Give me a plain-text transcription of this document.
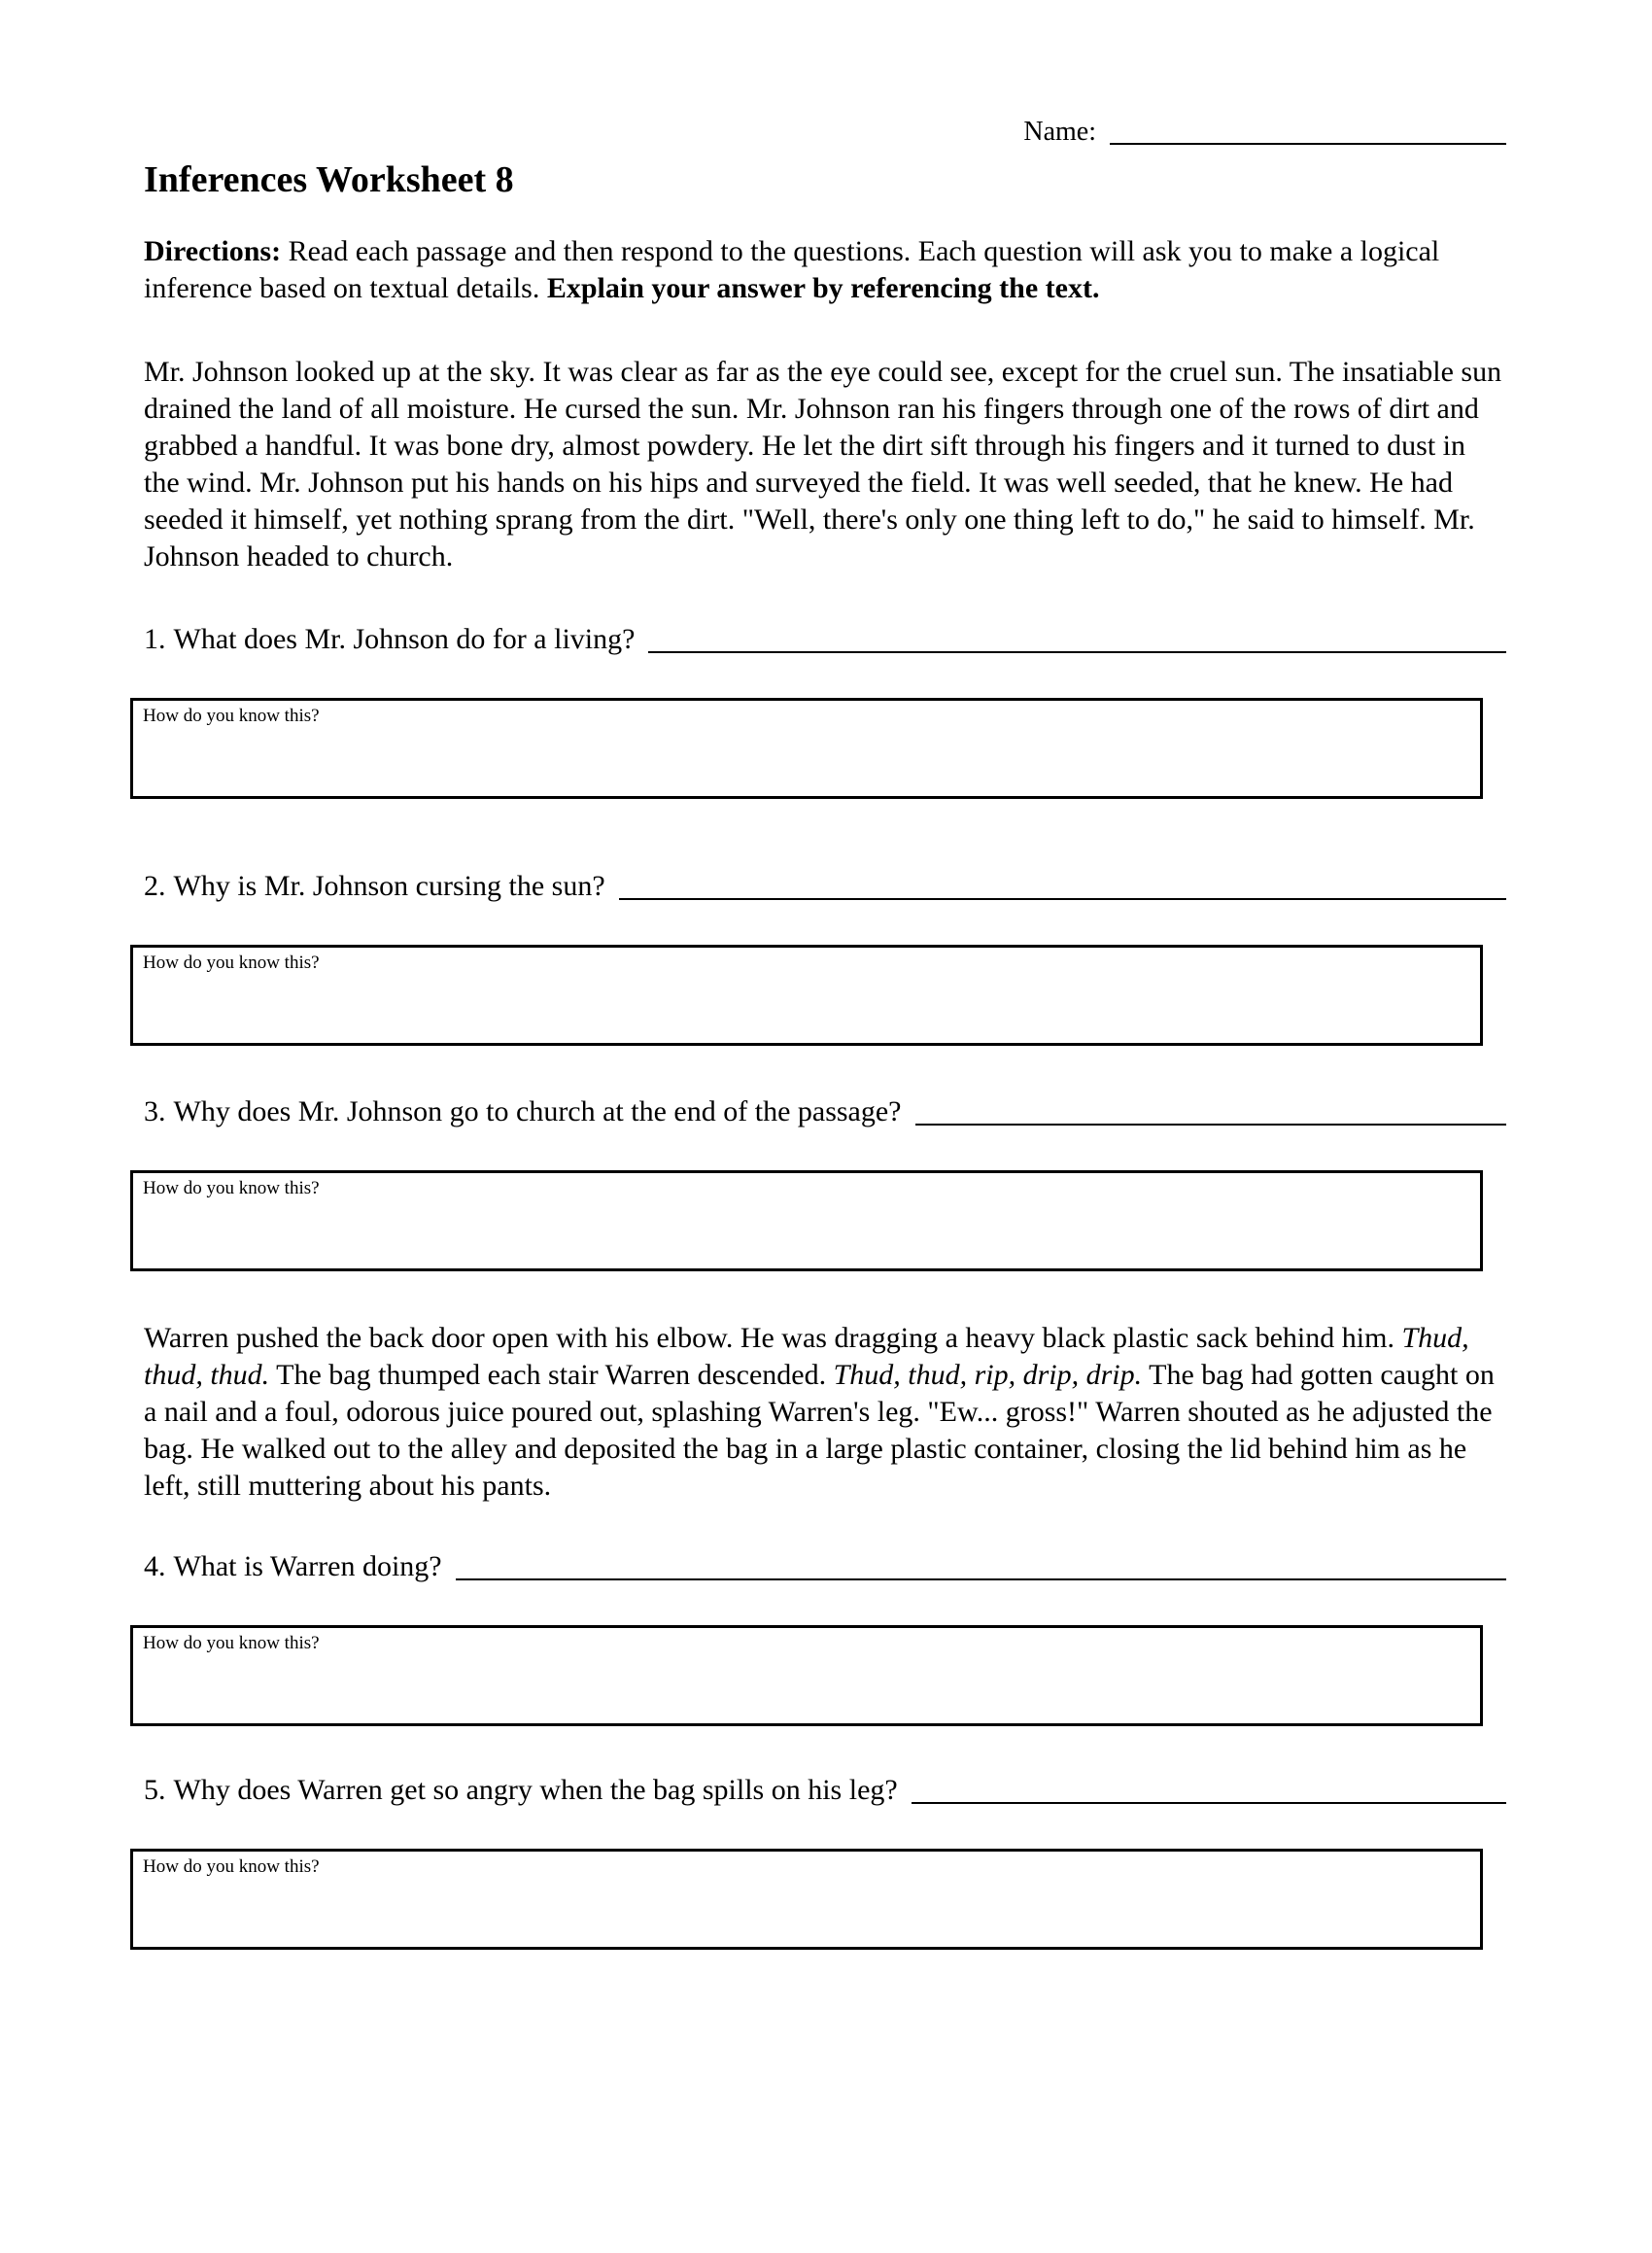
Name:
Inferences Worksheet 8
Directions: Read each passage and then respond to the questions. Each question will ask you to make a logical inference based on textual details. Explain your answer by referencing the text.
Mr. Johnson looked up at the sky. It was clear as far as the eye could see, except for the cruel sun. The insatiable sun drained the land of all moisture. He cursed the sun. Mr. Johnson ran his fingers through one of the rows of dirt and grabbed a handful. It was bone dry, almost powdery. He let the dirt sift through his fingers and it turned to dust in the wind. Mr. Johnson put his hands on his hips and surveyed the field. It was well seeded, that he knew. He had seeded it himself, yet nothing sprang from the dirt. "Well, there's only one thing left to do," he said to himself. Mr. Johnson headed to church.
1. What does Mr. Johnson do for a living?
How do you know this?
2. Why is Mr. Johnson cursing the sun?
How do you know this?
3. Why does Mr. Johnson go to church at the end of the passage?
How do you know this?
Warren pushed the back door open with his elbow. He was dragging a heavy black plastic sack behind him. Thud, thud, thud. The bag thumped each stair Warren descended. Thud, thud, rip, drip, drip. The bag had gotten caught on a nail and a foul, odorous juice poured out, splashing Warren's leg. "Ew... gross!" Warren shouted as he adjusted the bag. He walked out to the alley and deposited the bag in a large plastic container, closing the lid behind him as he left, still muttering about his pants.
4. What is Warren doing?
How do you know this?
5. Why does Warren get so angry when the bag spills on his leg?
How do you know this?
